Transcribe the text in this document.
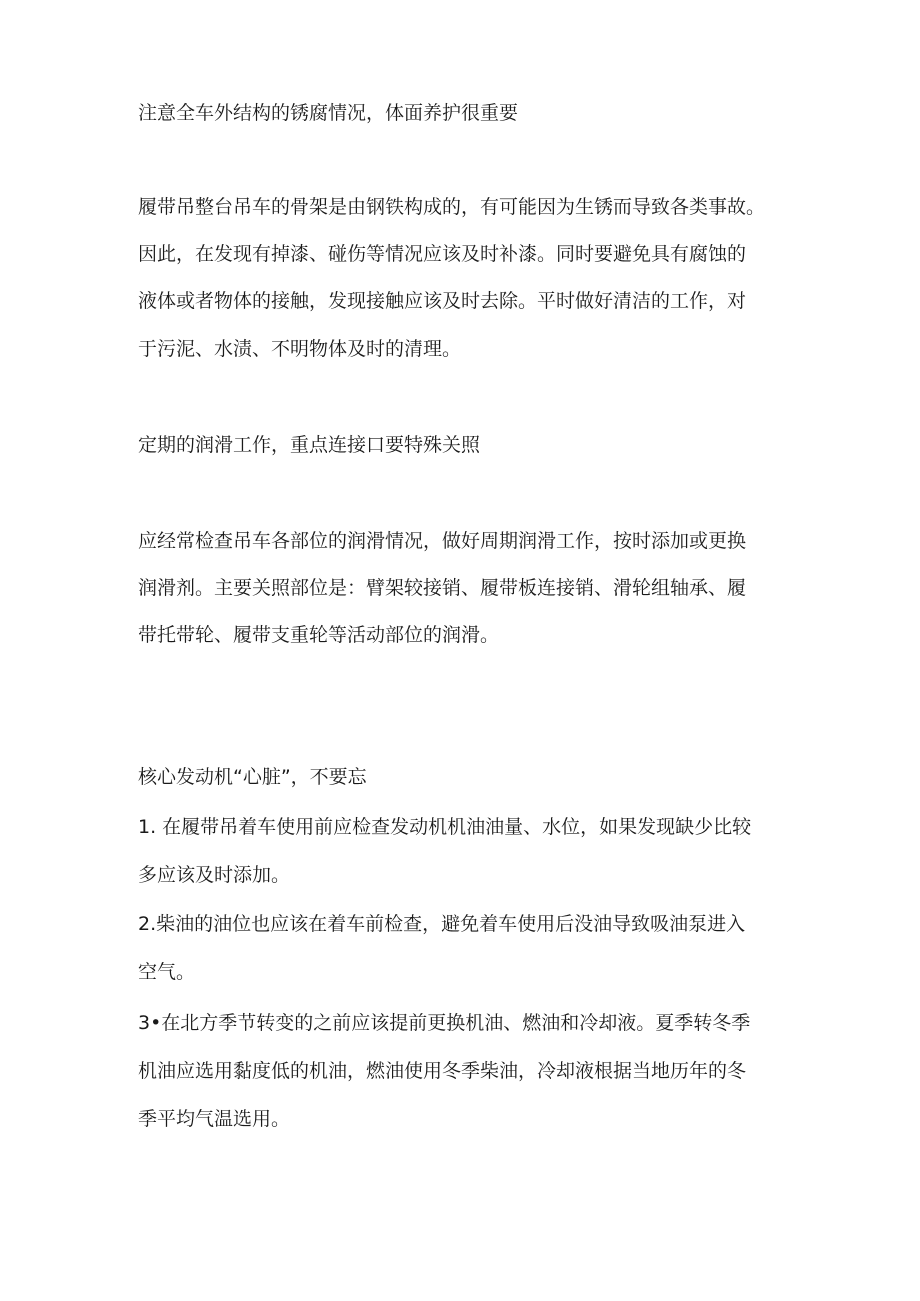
注意全车外结构的锈腐情况，体面养护很重要
履带吊整台吊车的骨架是由钢铁构成的，有可能因为生锈而导致各类事故。
因此，在发现有掉漆、碰伤等情况应该及时补漆。同时要避免具有腐蚀的
液体或者物体的接触，发现接触应该及时去除。平时做好清洁的工作，对
于污泥、水渍、不明物体及时的清理。
定期的润滑工作，重点连接口要特殊关照
应经常检查吊车各部位的润滑情况，做好周期润滑工作，按时添加或更换
润滑剂。主要关照部位是：臂架较接销、履带板连接销、滑轮组轴承、履
带托带轮、履带支重轮等活动部位的润滑。
核心发动机“心脏”，不要忘
1. 在履带吊着车使用前应检查发动机机油油量、水位，如果发现缺少比较
多应该及时添加。
2.柴油的油位也应该在着车前检查，避免着车使用后没油导致吸油泵进入
空气。
3•在北方季节转变的之前应该提前更换机油、燃油和冷却液。夏季转冬季
机油应选用黏度低的机油，燃油使用冬季柴油，冷却液根据当地历年的冬
季平均气温选用。
